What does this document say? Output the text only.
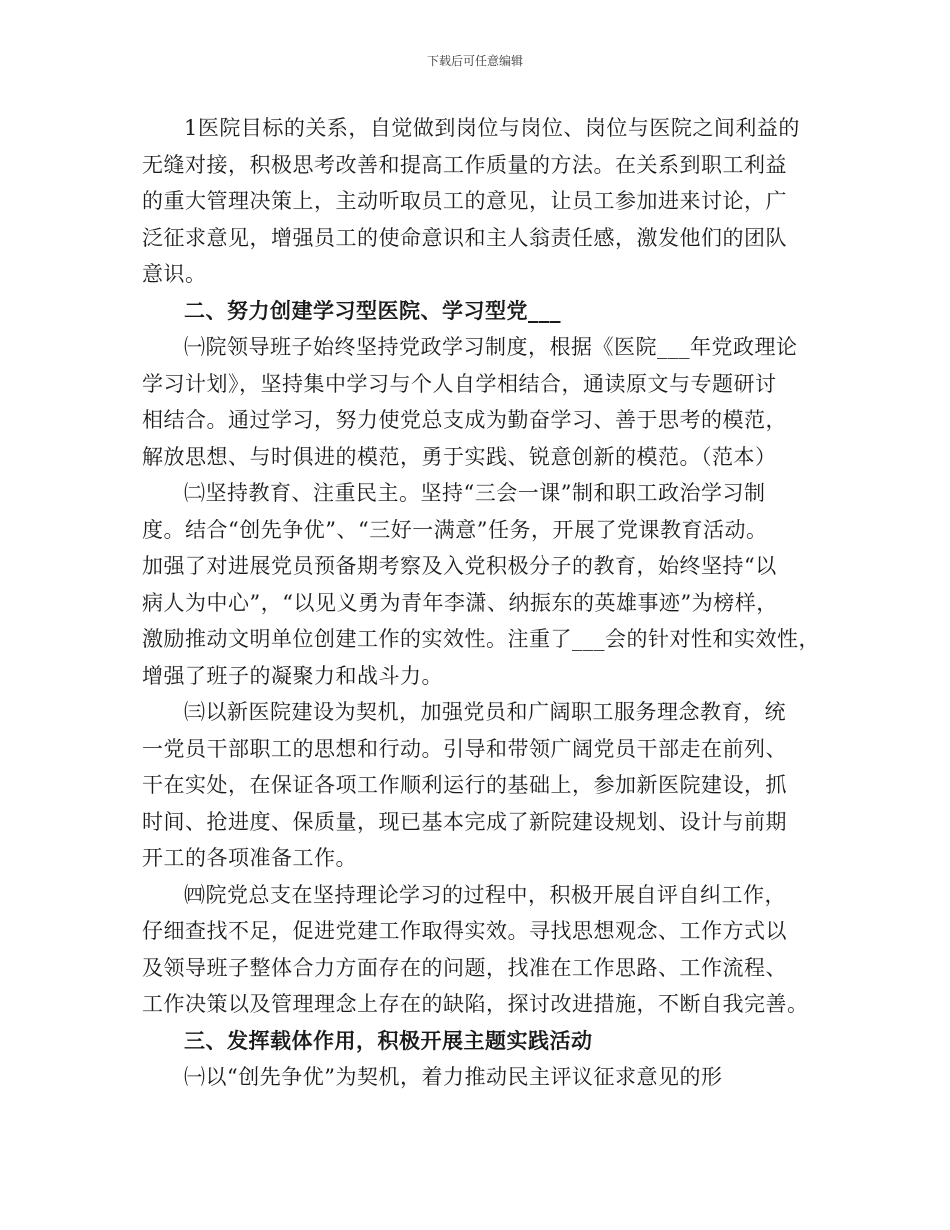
下载后可任意编辑

1医院目标的关系，自觉做到岗位与岗位、岗位与医院之间利益的
无缝对接，积极思考改善和提高工作质量的方法。在关系到职工利益
的重大管理决策上，主动听取员工的意见，让员工参加进来讨论，广
泛征求意见，增强员工的使命意识和主人翁责任感，激发他们的团队
意识。

二、努力创建学习型医院、学习型党___

㈠院领导班子始终坚持党政学习制度，根据《医院___年党政理论
学习计划》，坚持集中学习与个人自学相结合，通读原文与专题研讨
相结合。通过学习，努力使党总支成为勤奋学习、善于思考的模范，
解放思想、与时俱进的模范，勇于实践、锐意创新的模范。（范本）

㈡坚持教育、注重民主。坚持“三会一课”制和职工政治学习制
度。结合“创先争优”、“三好一满意”任务，开展了党课教育活动。
加强了对进展党员预备期考察及入党积极分子的教育，始终坚持“以
病人为中心”，“以见义勇为青年李潇、纳振东的英雄事迹”为榜样，
激励推动文明单位创建工作的实效性。注重了___会的针对性和实效性，
增强了班子的凝聚力和战斗力。

㈢以新医院建设为契机，加强党员和广阔职工服务理念教育，统
一党员干部职工的思想和行动。引导和带领广阔党员干部走在前列、
干在实处，在保证各项工作顺利运行的基础上，参加新医院建设，抓
时间、抢进度、保质量，现已基本完成了新院建设规划、设计与前期
开工的各项准备工作。

㈣院党总支在坚持理论学习的过程中，积极开展自评自纠工作，
仔细查找不足，促进党建工作取得实效。寻找思想观念、工作方式以
及领导班子整体合力方面存在的问题，找准在工作思路、工作流程、
工作决策以及管理理念上存在的缺陷，探讨改进措施，不断自我完善。

三、发挥载体作用，积极开展主题实践活动

㈠以“创先争优”为契机，着力推动民主评议征求意见的形
